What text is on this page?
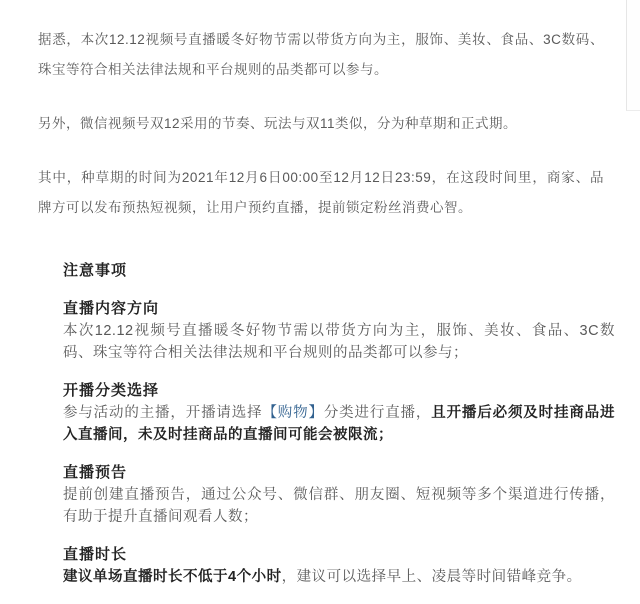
据悉，本次12.12视频号直播暖冬好物节需以带货方向为主，服饰、美妆、食品、3C数码、珠宝等符合相关法律法规和平台规则的品类都可以参与。

另外，微信视频号双12采用的节奏、玩法与双11类似，分为种草期和正式期。

其中，种草期的时间为2021年12月6日00:00至12月12日23:59，在这段时间里，商家、品牌方可以发布预热短视频，让用户预约直播，提前锁定粉丝消费心智。

注意事项
直播内容方向
本次12.12视频号直播暖冬好物节需以带货方向为主，服饰、美妆、食品、3C数码、珠宝等符合相关法律法规和平台规则的品类都可以参与；
开播分类选择
参与活动的主播，开播请选择【购物】分类进行直播，且开播后必须及时挂商品进入直播间，未及时挂商品的直播间可能会被限流；
直播预告
提前创建直播预告，通过公众号、微信群、朋友圈、短视频等多个渠道进行传播，有助于提升直播间观看人数；
直播时长
建议单场直播时长不低于4个小时，建议可以选择早上、凌晨等时间错峰竞争。
